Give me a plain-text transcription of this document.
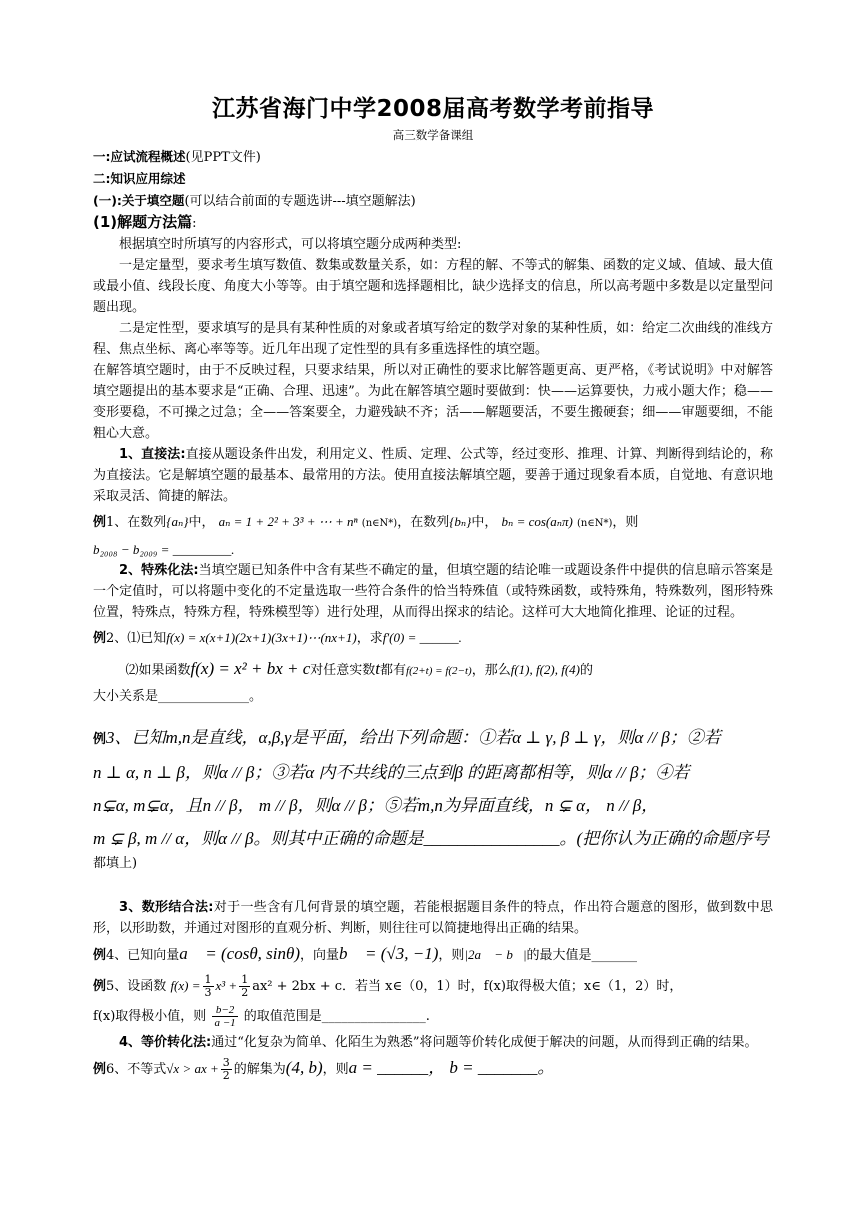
江苏省海门中学2008届高考数学考前指导

高三数学备课组

一:应试流程概述(见PPT文件)

二:知识应用综述

(一):关于填空题(可以结合前面的专题选讲---填空题解法)

(1)解题方法篇:

根据填空时所填写的内容形式，可以将填空题分成两种类型:

一是定量型，要求考生填写数值、数集或数量关系，如：方程的解、不等式的解集、函数的定义域、值域、最大值或最小值、线段长度、角度大小等等。由于填空题和选择题相比，缺少选择支的信息，所以高考题中多数是以定量型问题出现。

二是定性型，要求填写的是具有某种性质的对象或者填写给定的数学对象的某种性质，如：给定二次曲线的准线方程、焦点坐标、离心率等等。近几年出现了定性型的具有多重选择性的填空题。

在解答填空题时，由于不反映过程，只要求结果，所以对正确性的要求比解答题更高、更严格，《考试说明》中对解答填空题提出的基本要求是“正确、合理、迅速”。为此在解答填空题时要做到：快——运算要快，力戒小题大作；稳——变形要稳，不可操之过急；全——答案要全，力避残缺不齐；活——解题要活，不要生搬硬套；细——审题要细，不能粗心大意。

1、直接法:直接从题设条件出发，利用定义、性质、定理、公式等，经过变形、推理、计算、判断得到结论的，称为直接法。它是解填空题的最基本、最常用的方法。使用直接法解填空题，要善于通过现象看本质，自觉地、有意识地采取灵活、简捷的解法。

例1、在数列{aₙ}中， aₙ = 1 + 2² + 3³ + ⋯ + nⁿ (n∈N*)，在数列{bₙ}中， bₙ = cos(aₙπ) (n∈N*)，则

b₂₀₀₈ − b₂₀₀₉ = _________.

2、特殊化法:当填空题已知条件中含有某些不确定的量，但填空题的结论唯一或题设条件中提供的信息暗示答案是一个定值时，可以将题中变化的不定量选取一些符合条件的恰当特殊值（或特殊函数，或特殊角，特殊数列，图形特殊位置，特殊点，特殊方程，特殊模型等）进行处理，从而得出探求的结论。这样可大大地简化推理、论证的过程。

例2、⑴已知f(x) = x(x+1)(2x+1)(3x+1)⋯(nx+1)，求f′(0) = ______.

⑵如果函数f(x) = x² + bx + c对任意实数t都有f(2+t) = f(2−t)，那么f(1), f(2), f(4)的

大小关系是______________。

例3、已知m,n是直线，α,β,γ是平面，给出下列命题：①若α ⊥ γ, β ⊥ γ，则α // β；②若

n ⊥ α, n ⊥ β，则α // β；③若α 内不共线的三点到β 的距离都相等，则α // β；④若

n⊊α, m⊊α，且n // β， m // β，则α // β；⑤若m,n为异面直线，n ⊊ α， n // β，

m ⊊ β, m // α，则α // β。则其中正确的命题是________________。(把你认为正确的命题序号

都填上)

3、数形结合法:对于一些含有几何背景的填空题，若能根据题目条件的特点，作出符合题意的图形，做到数中思形，以形助数，并通过对图形的直观分析、判断，则往往可以简捷地得出正确的结果。

例4、已知向量a⃗ = (cosθ, sinθ)，向量b⃗ = (√3, −1)，则|2a⃗ − b⃗|的最大值是_______

例5、设函数 $f(x) = \frac{1}{3} x^3 + \frac{1}{2} ax^2 + 2bx + c$．若当 x∈（0，1）时，f(x)取得极大值；x∈（1，2）时，

f(x)取得极小值，则 $\frac{b-2}{a -1}$ 的取值范围是________________.

4、等价转化法:通过“化复杂为简单、化陌生为熟悉”将问题等价转化成便于解决的问题，从而得到正确的结果。

例6、不等式√x > ax + $\frac{3}{2}$ 的解集为(4, b)，则a = ______， b = _______。
